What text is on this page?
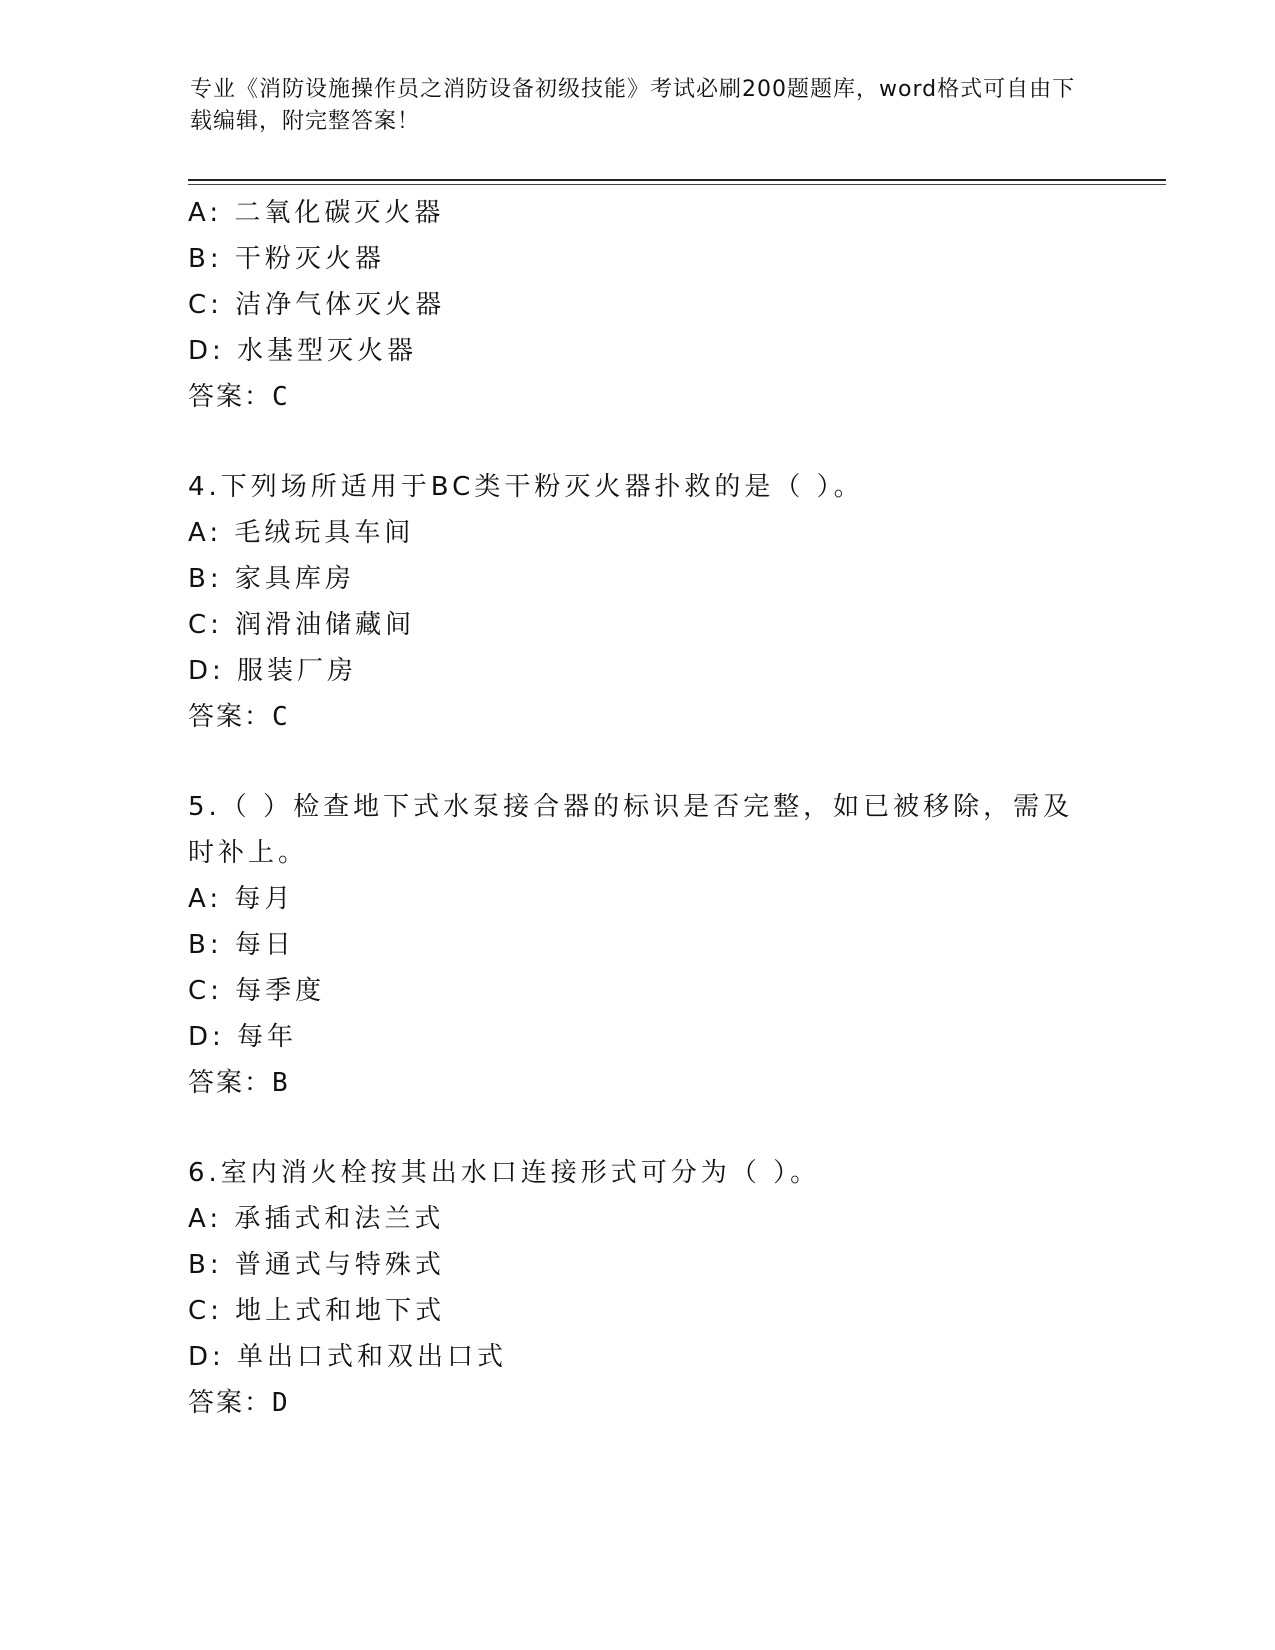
专业《消防设施操作员之消防设备初级技能》考试必刷200题题库，word格式可自由下载编辑，附完整答案！
A: 二氧化碳灭火器
B: 干粉灭火器
C: 洁净气体灭火器
D: 水基型灭火器
答案：C
4.下列场所适用于BC类干粉灭火器扑救的是（ ）。
A: 毛绒玩具车间
B: 家具库房
C: 润滑油储藏间
D: 服装厂房
答案：C
5.（ ）检查地下式水泵接合器的标识是否完整，如已被移除，需及时补上。
A: 每月
B: 每日
C: 每季度
D: 每年
答案：B
6.室内消火栓按其出水口连接形式可分为（ ）。
A: 承插式和法兰式
B: 普通式与特殊式
C: 地上式和地下式
D: 单出口式和双出口式
答案：D
